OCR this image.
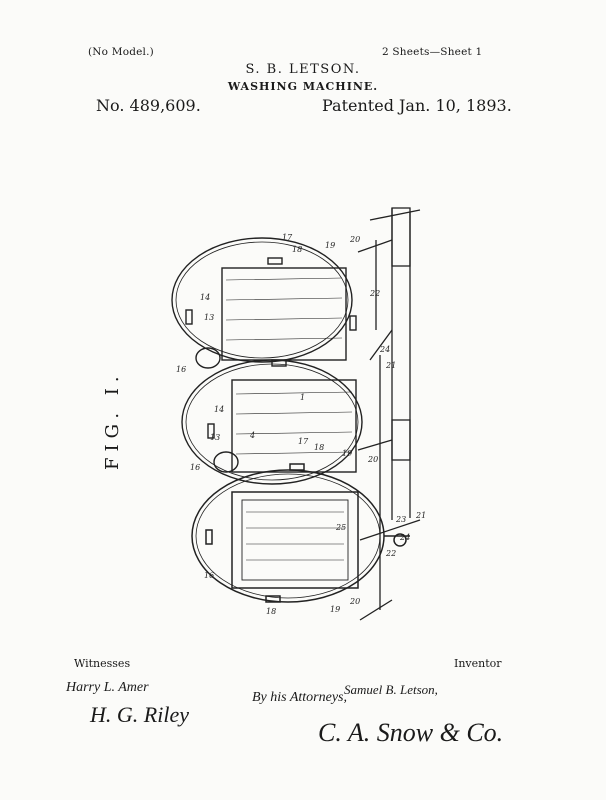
(No Model.)	2 Sheets—Sheet 1
S. B. LETSON.
WASHING MACHINE.
No. 489,609.	Patented Jan. 10, 1893.
FIG. I.
17
18	19
20
22
24
21
16
14
13
1
4
17
18
19
20
14
13
16
23
24
21
22
25
16
18	19
20
Witnesses	Inventor
Harry L. Amer
H. G. Riley
By his Attorneys,
Samuel B. Letson,
C. A. Snow & Co.
